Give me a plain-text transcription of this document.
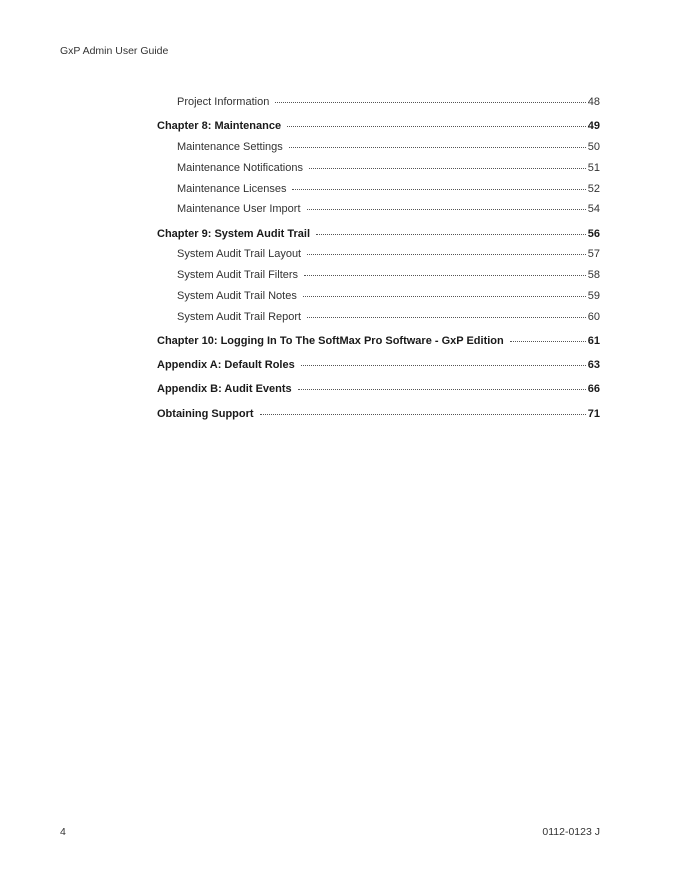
GxP Admin User Guide
Project Information	48
Chapter 8: Maintenance	49
Maintenance Settings	50
Maintenance Notifications	51
Maintenance Licenses	52
Maintenance User Import	54
Chapter 9: System Audit Trail	56
System Audit Trail Layout	57
System Audit Trail Filters	58
System Audit Trail Notes	59
System Audit Trail Report	60
Chapter 10: Logging In To The SoftMax Pro Software - GxP Edition	61
Appendix A: Default Roles	63
Appendix B: Audit Events	66
Obtaining Support	71
4	0112-0123 J
